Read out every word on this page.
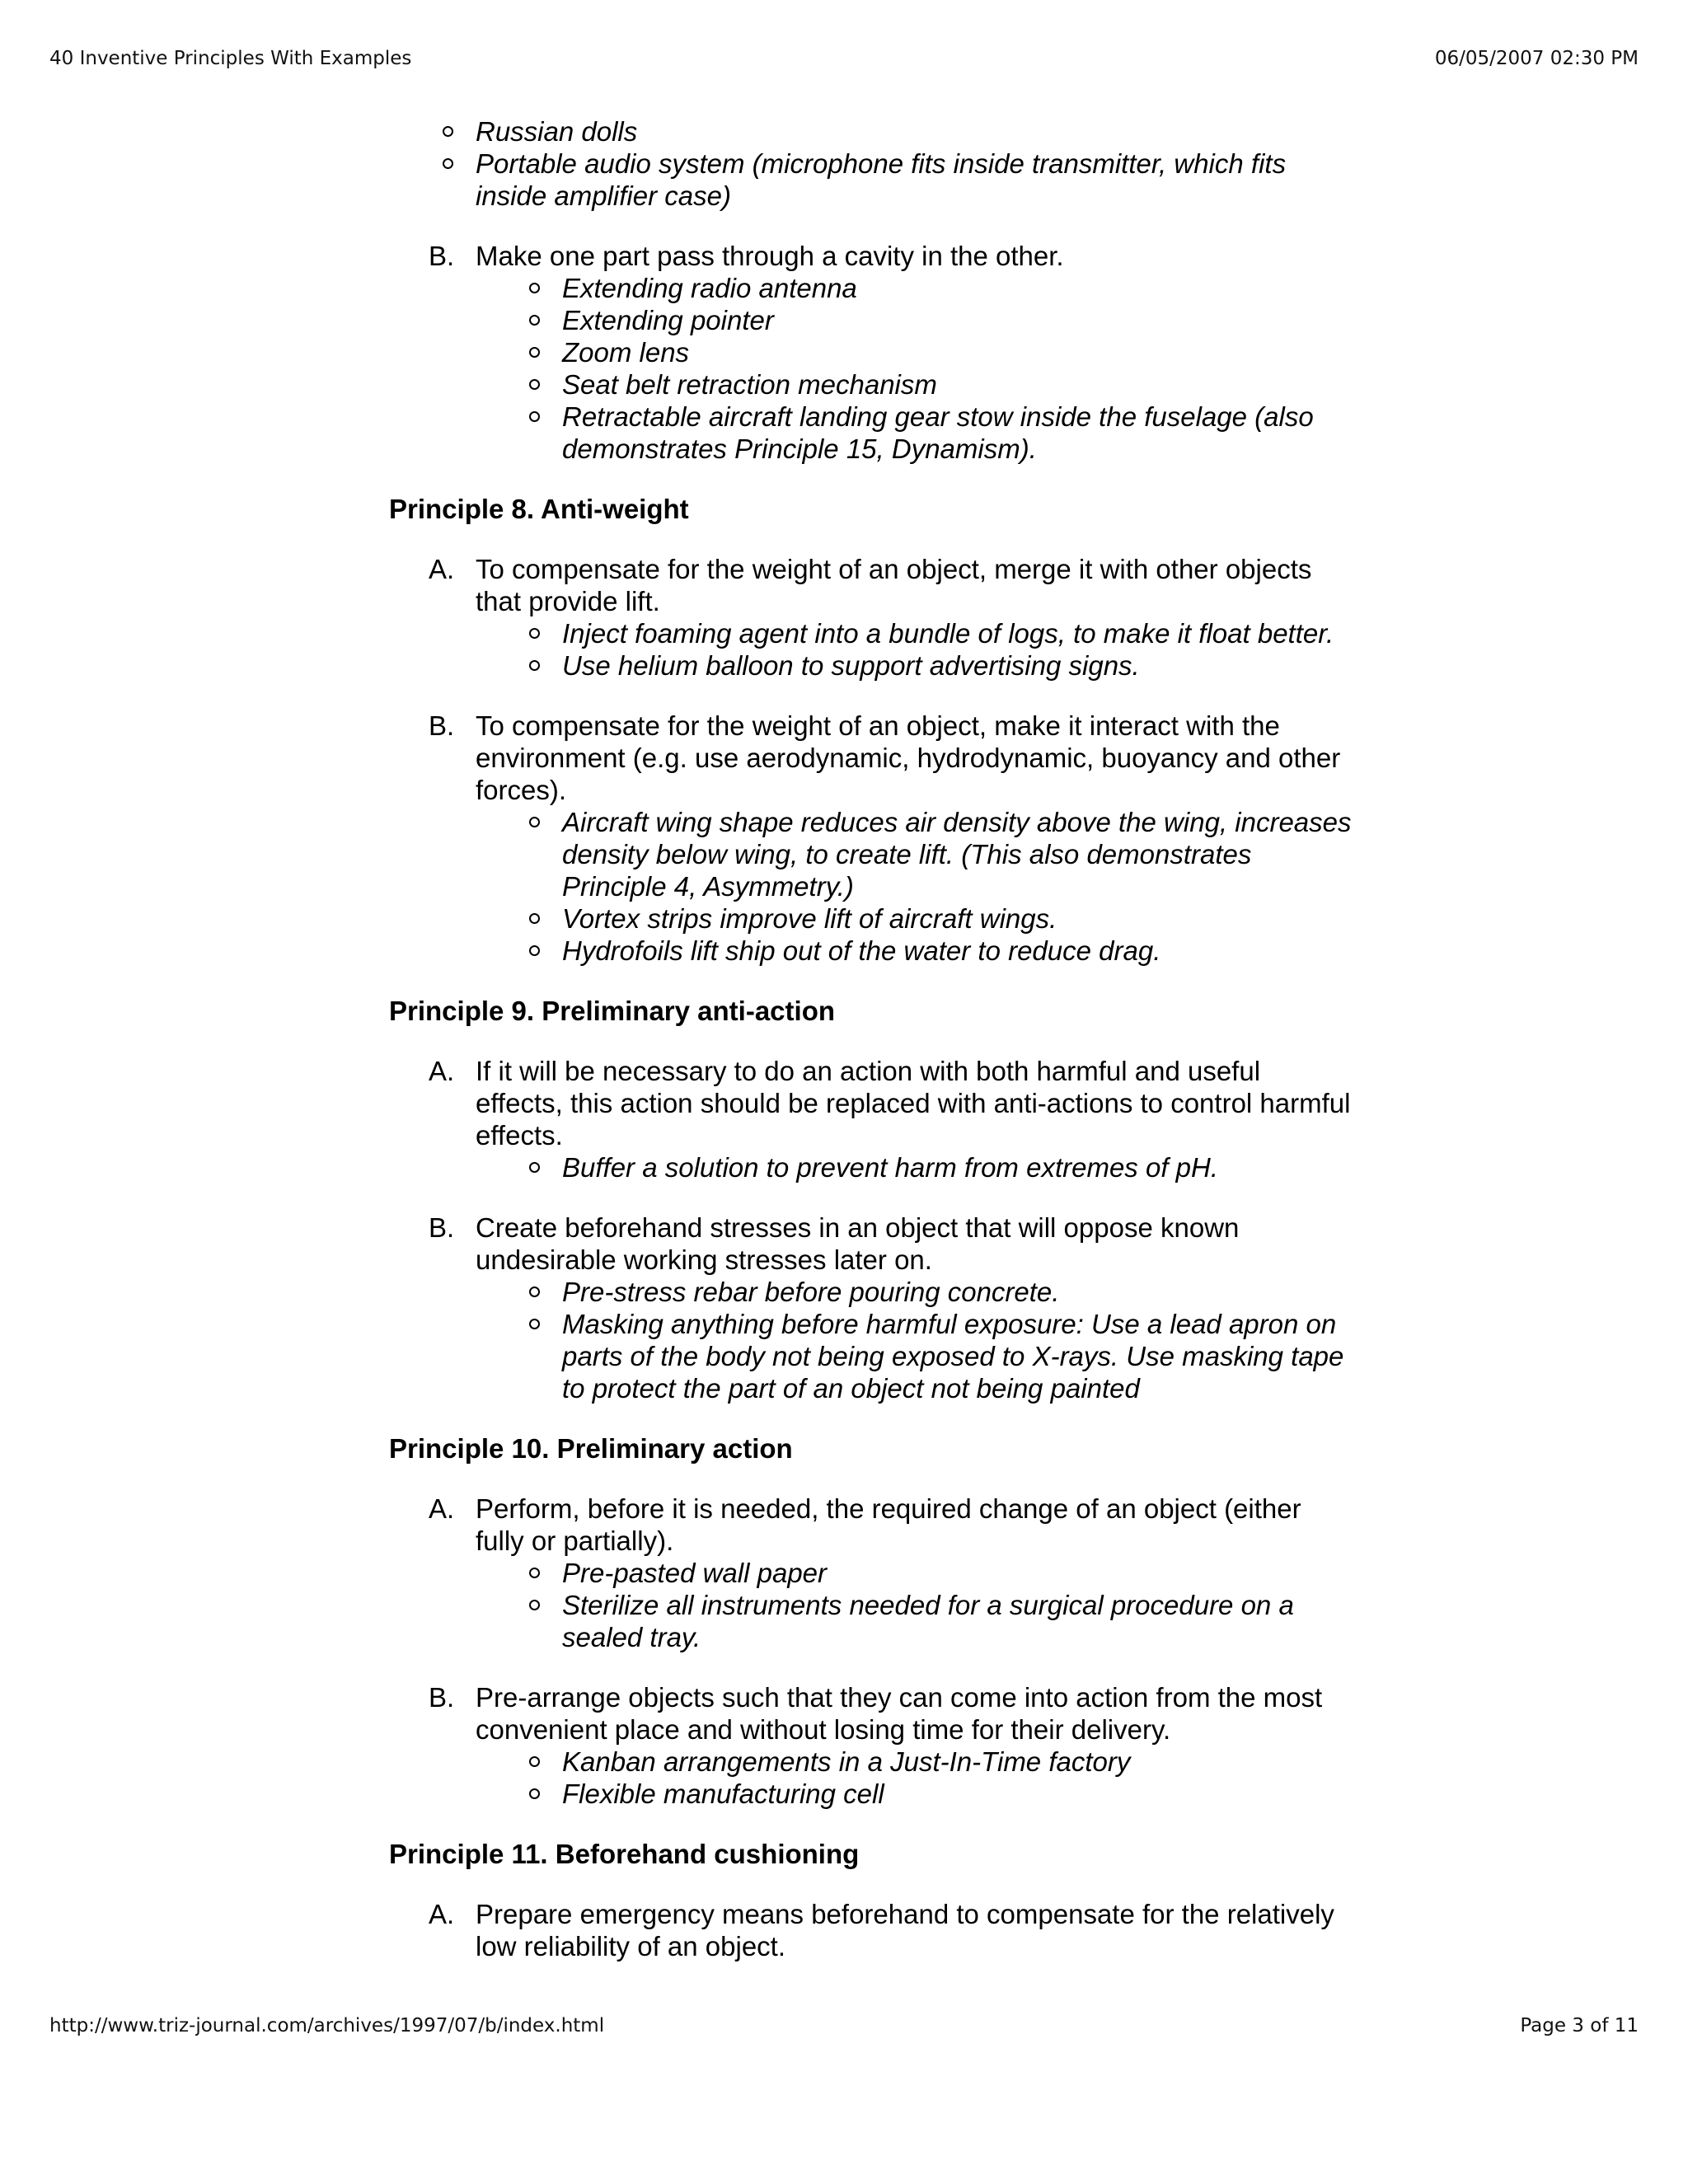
40 Inventive Principles With Examples	06/05/2007 02:30 PM
Russian dolls
Portable audio system (microphone fits inside transmitter, which fits inside amplifier case)
B. Make one part pass through a cavity in the other.
Extending radio antenna
Extending pointer
Zoom lens
Seat belt retraction mechanism
Retractable aircraft landing gear stow inside the fuselage (also demonstrates Principle 15, Dynamism).
Principle 8. Anti-weight
A. To compensate for the weight of an object, merge it with other objects that provide lift.
Inject foaming agent into a bundle of logs, to make it float better.
Use helium balloon to support advertising signs.
B. To compensate for the weight of an object, make it interact with the environment (e.g. use aerodynamic, hydrodynamic, buoyancy and other forces).
Aircraft wing shape reduces air density above the wing, increases density below wing, to create lift. (This also demonstrates Principle 4, Asymmetry.)
Vortex strips improve lift of aircraft wings.
Hydrofoils lift ship out of the water to reduce drag.
Principle 9. Preliminary anti-action
A. If it will be necessary to do an action with both harmful and useful effects, this action should be replaced with anti-actions to control harmful effects.
Buffer a solution to prevent harm from extremes of pH.
B. Create beforehand stresses in an object that will oppose known undesirable working stresses later on.
Pre-stress rebar before pouring concrete.
Masking anything before harmful exposure: Use a lead apron on parts of the body not being exposed to X-rays. Use masking tape to protect the part of an object not being painted
Principle 10. Preliminary action
A. Perform, before it is needed, the required change of an object (either fully or partially).
Pre-pasted wall paper
Sterilize all instruments needed for a surgical procedure on a sealed tray.
B. Pre-arrange objects such that they can come into action from the most convenient place and without losing time for their delivery.
Kanban arrangements in a Just-In-Time factory
Flexible manufacturing cell
Principle 11. Beforehand cushioning
A. Prepare emergency means beforehand to compensate for the relatively low reliability of an object.
http://www.triz-journal.com/archives/1997/07/b/index.html	Page 3 of 11
